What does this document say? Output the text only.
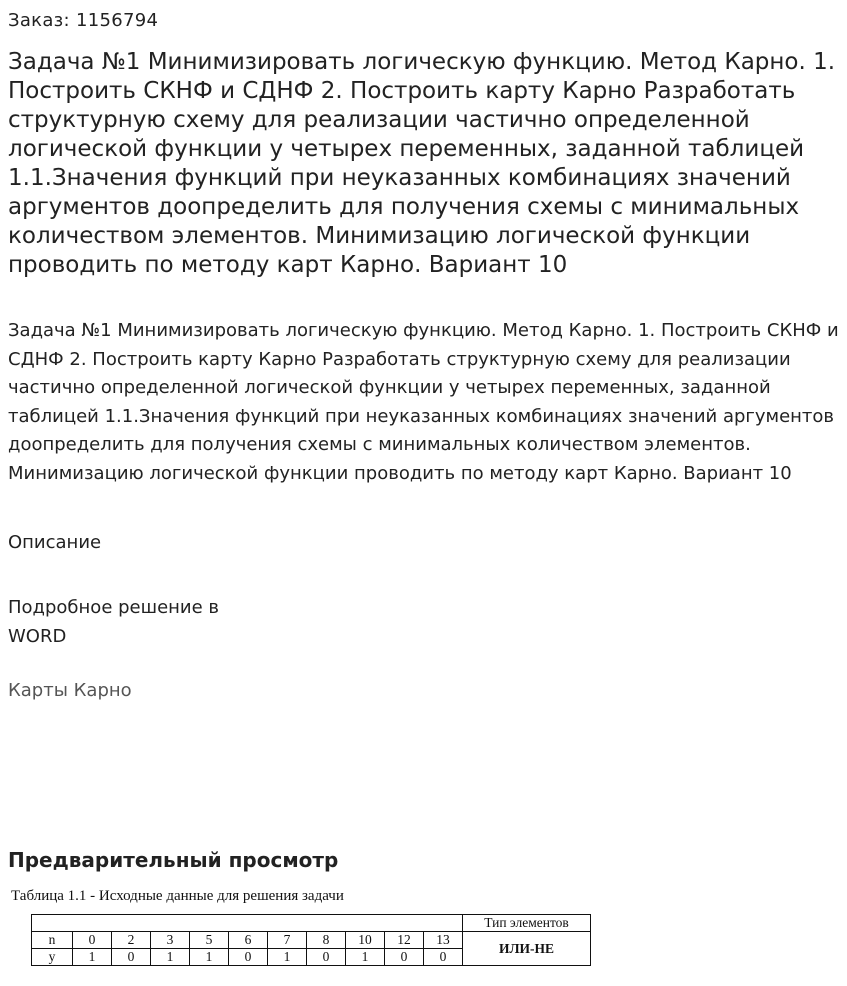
Заказ: 1156794
Задача №1 Минимизировать логическую функцию. Метод Карно. 1. Построить СКНФ и СДНФ 2. Построить карту Карно Разработать структурную схему для реализации частично определенной логической функции у четырех переменных, заданной таблицей 1.1.Значения функций при неуказанных комбинациях значений аргументов доопределить для получения схемы с минимальных количеством элементов. Минимизацию логической функции проводить по методу карт Карно. Вариант 10

Задача №1 Минимизировать логическую функцию. Метод Карно. 1. Построить СКНФ и СДНФ 2. Построить карту Карно Разработать структурную схему для реализации частично определенной логической функции у четырех переменных, заданной таблицей 1.1.Значения функций при неуказанных комбинациях значений аргументов доопределить для получения схемы с минимальных количеством элементов. Минимизацию логической функции проводить по методу карт Карно. Вариант 10

Описание
Подробное решение в
WORD
Карты Карно
Предварительный просмотр
Таблица 1.1 - Исходные данные для решения задачи
											Тип элементов
n	0	2	3	5	6	7	8	10	12	13	ИЛИ-НЕ
y	1	0	1	1	0	1	0	1	0	0	
